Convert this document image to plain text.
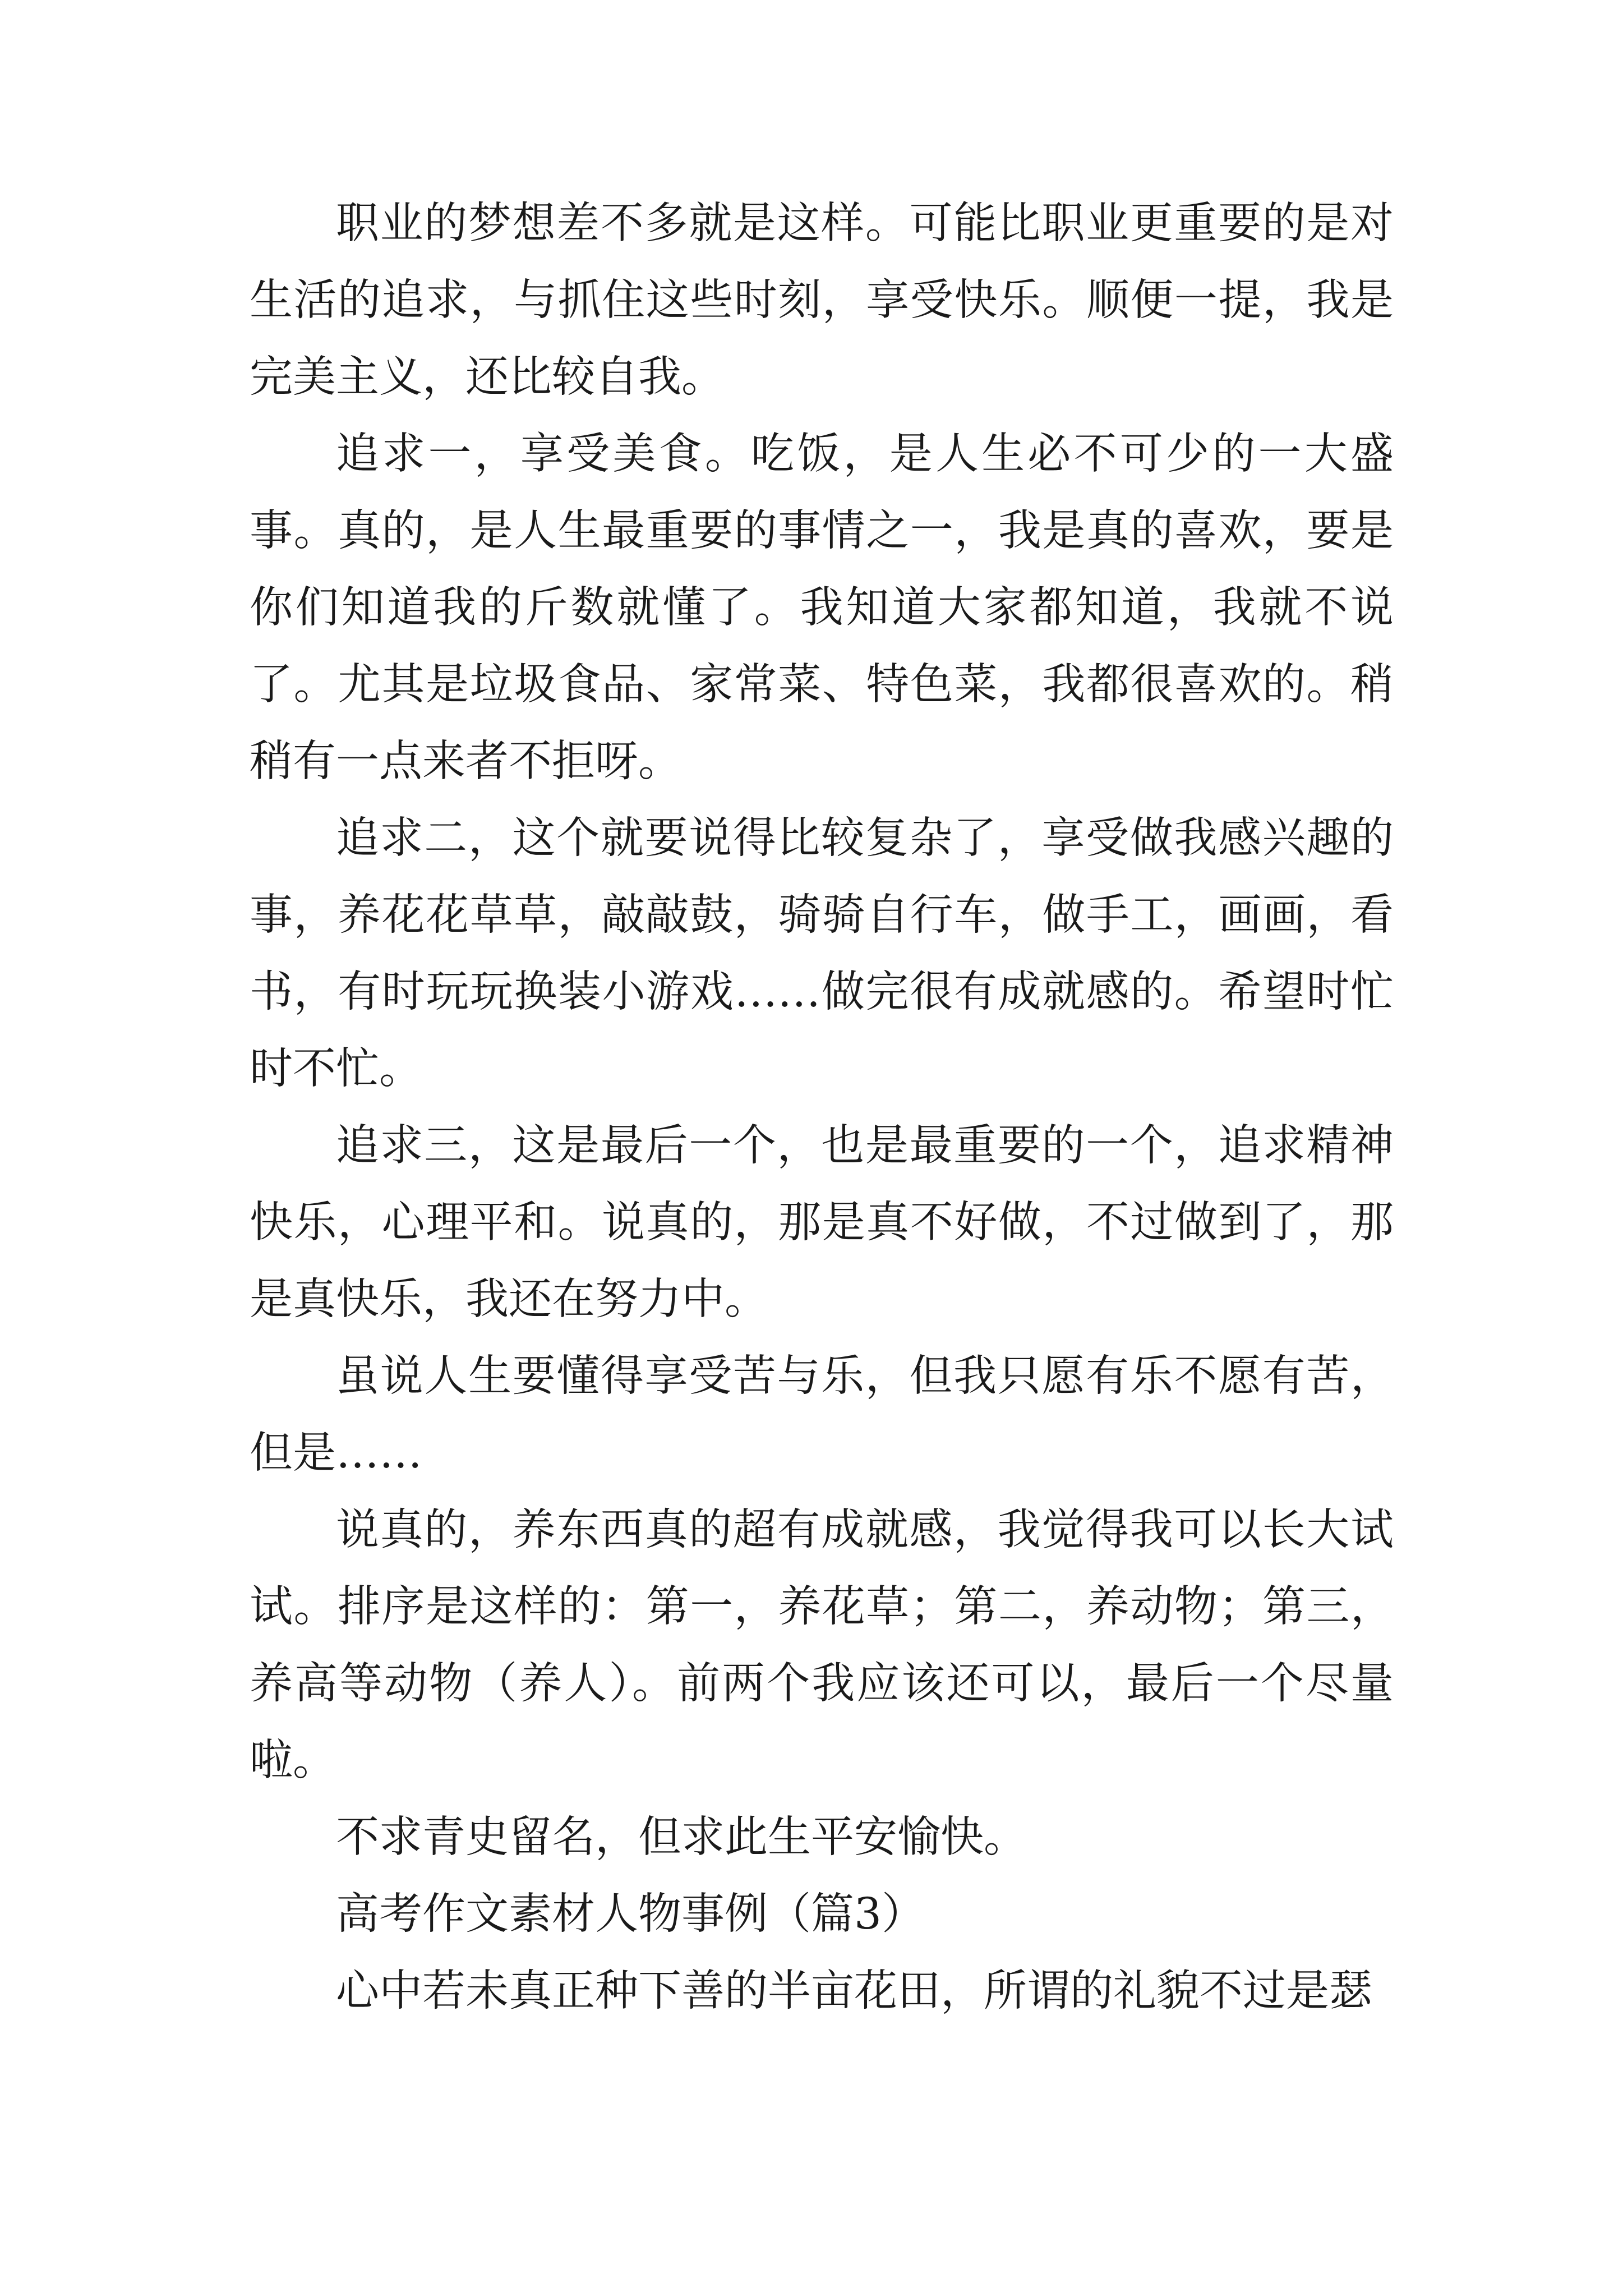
职业的梦想差不多就是这样。可能比职业更重要的是对生活的追求，与抓住这些时刻，享受快乐。顺便一提，我是完美主义，还比较自我。

追求一，享受美食。吃饭，是人生必不可少的一大盛事。真的，是人生最重要的事情之一，我是真的喜欢，要是你们知道我的斤数就懂了。我知道大家都知道，我就不说了。尤其是垃圾食品、家常菜、特色菜，我都很喜欢的。稍稍有一点来者不拒呀。

追求二，这个就要说得比较复杂了，享受做我感兴趣的事，养花花草草，敲敲鼓，骑骑自行车，做手工，画画，看书，有时玩玩换装小游戏……做完很有成就感的。希望时忙时不忙。

追求三，这是最后一个，也是最重要的一个，追求精神快乐，心理平和。说真的，那是真不好做，不过做到了，那是真快乐，我还在努力中。

虽说人生要懂得享受苦与乐，但我只愿有乐不愿有苦，但是……

说真的，养东西真的超有成就感，我觉得我可以长大试试。排序是这样的：第一，养花草；第二，养动物；第三，养高等动物（养人）。前两个我应该还可以，最后一个尽量啦。

不求青史留名，但求此生平安愉快。

高考作文素材人物事例（篇3）

心中若未真正种下善的半亩花田，所谓的礼貌不过是瑟
